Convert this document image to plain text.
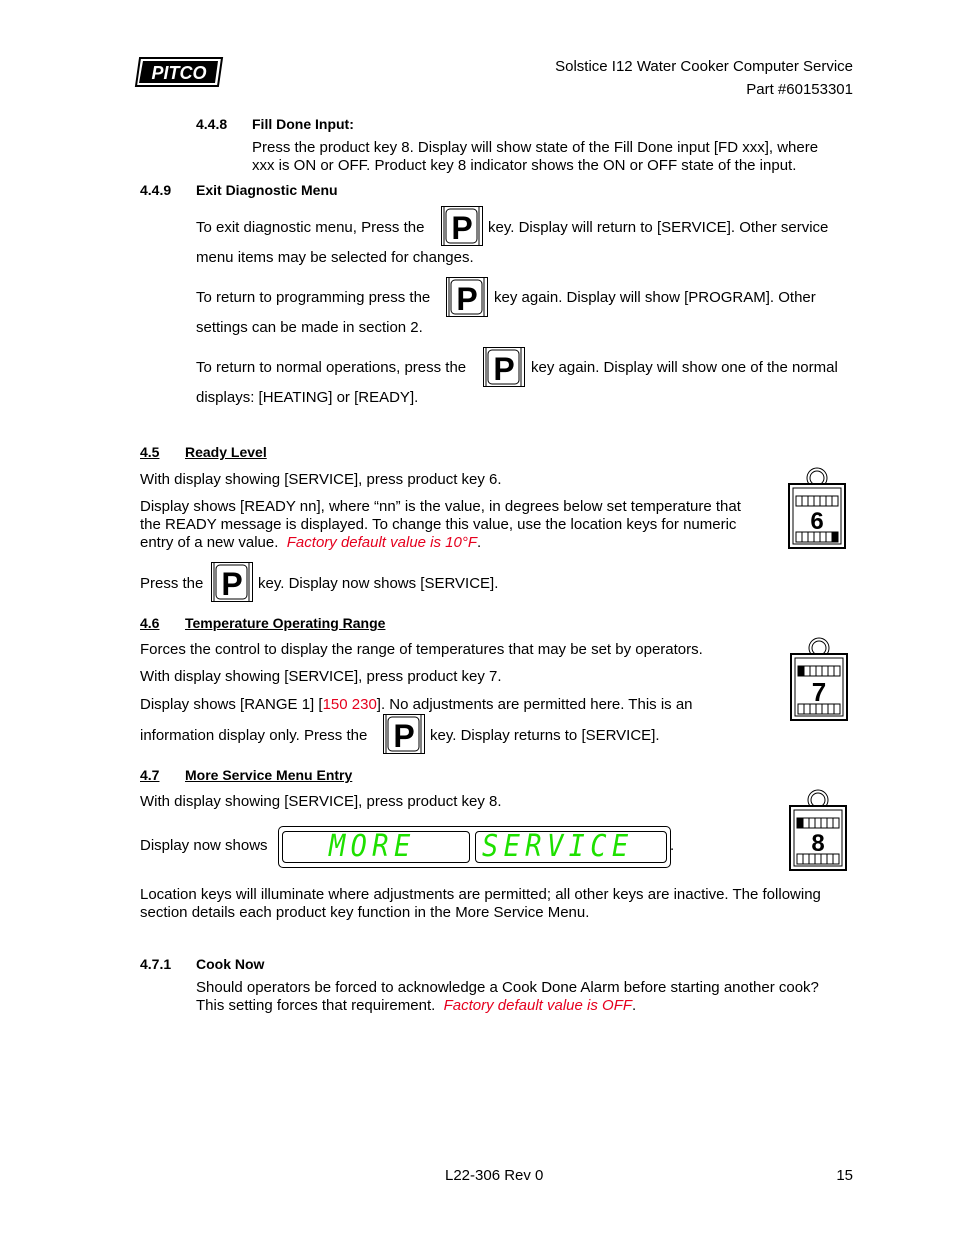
PITCO	Solstice I12 Water Cooker Computer Service
Part #60153301
4.4.8 Fill Done Input:
Press the product key 8. Display will show state of the Fill Done input [FD xxx], where
xxx is ON or OFF. Product key 8 indicator shows the ON or OFF state of the input.
4.4.9 Exit Diagnostic Menu
To exit diagnostic menu, Press the P key. Display will return to [SERVICE]. Other service
menu items may be selected for changes.
To return to programming press the P key again. Display will show [PROGRAM]. Other
settings can be made in section 2.
To return to normal operations, press the P key again. Display will show one of the normal
displays: [HEATING] or [READY].
4.5 Ready Level
With display showing [SERVICE], press product key 6.
Display shows [READY nn], where “nn” is the value, in degrees below set temperature that
the READY message is displayed. To change this value, use the location keys for numeric
entry of a new value. Factory default value is 10°F.
Press the P key. Display now shows [SERVICE].
6
4.6 Temperature Operating Range
Forces the control to display the range of temperatures that may be set by operators.
With display showing [SERVICE], press product key 7.
Display shows [RANGE 1] [150 230]. No adjustments are permitted here. This is an
information display only. Press the P key. Display returns to [SERVICE].
7
4.7 More Service Menu Entry
With display showing [SERVICE], press product key 8.
Display now shows MORE SERVICE .	8
Location keys will illuminate where adjustments are permitted; all other keys are inactive. The following
section details each product key function in the More Service Menu.
4.7.1 Cook Now
Should operators be forced to acknowledge a Cook Done Alarm before starting another cook?
This setting forces that requirement. Factory default value is OFF.
L22-306 Rev 0	15
